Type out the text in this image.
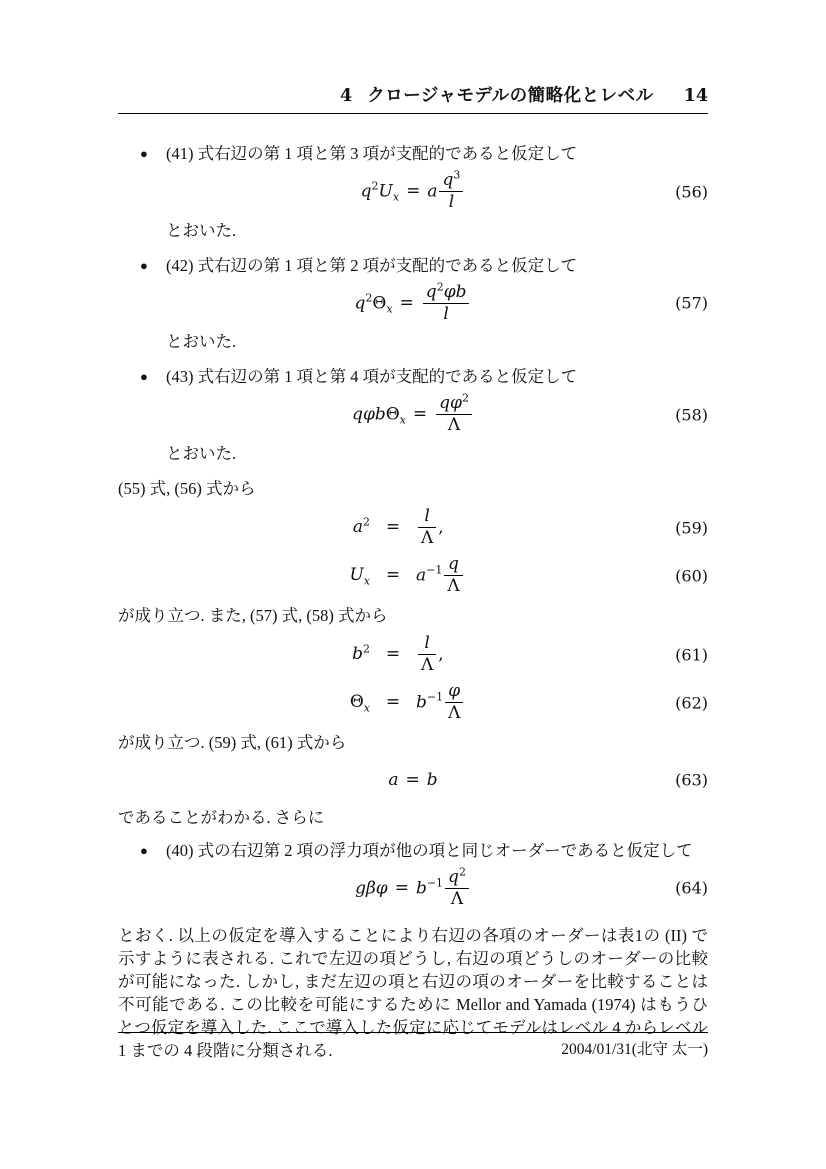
4 クロージャモデルの簡略化とレベル 14
●	(41) 式右辺の第 1 項と第 3 項が支配的であると仮定して
$q^2U_x = a \frac{q^3}{l}$	(56)
とおいた.
●	(42) 式右辺の第 1 項と第 2 項が支配的であると仮定して
$q^2\Theta_x = \frac{q^2\varphi b}{l}$	(57)
とおいた.
●	(43) 式右辺の第 1 項と第 4 項が支配的であると仮定して
$q\varphi b\Theta_x = \frac{q\varphi^2}{\Lambda}$	(58)
とおいた.

(55) 式, (56) 式から

$a^2$ =	$\frac{l}{\Lambda}$ ,	(59)
$U_x = a^{-1} \frac{q}{\Lambda}$	(60)

が成り立つ. また, (57) 式, (58) 式から

$b^2$ =	$\frac{l}{\Lambda}$ ,	(61)
$\Theta_x = b^{-1} \frac{\varphi}{\Lambda}$	(62)

が成り立つ. (59) 式, (61) 式から

a = b	(63)

であることがわかる. さらに

●	(40) 式の右辺第 2 項の浮力項が他の項と同じオーダーであると仮定して
$g\beta\varphi = b^{-1} \frac{q^2}{\Lambda}$	(64)

とおく. 以上の仮定を導入することにより右辺の各項のオーダーは表1の (II) で示すように表される. これで左辺の項どうし, 右辺の項どうしのオーダーの比較が可能になった. しかし, まだ左辺の項と右辺の項のオーダーを比較することは不可能である. この比較を可能にするために Mellor and Yamada (1974) はもうひとつ仮定を導入した. ここで導入した仮定に応じてモデルはレベル 4 からレベル 1 までの 4 段階に分類される.	2004/01/31(北守 太一)
